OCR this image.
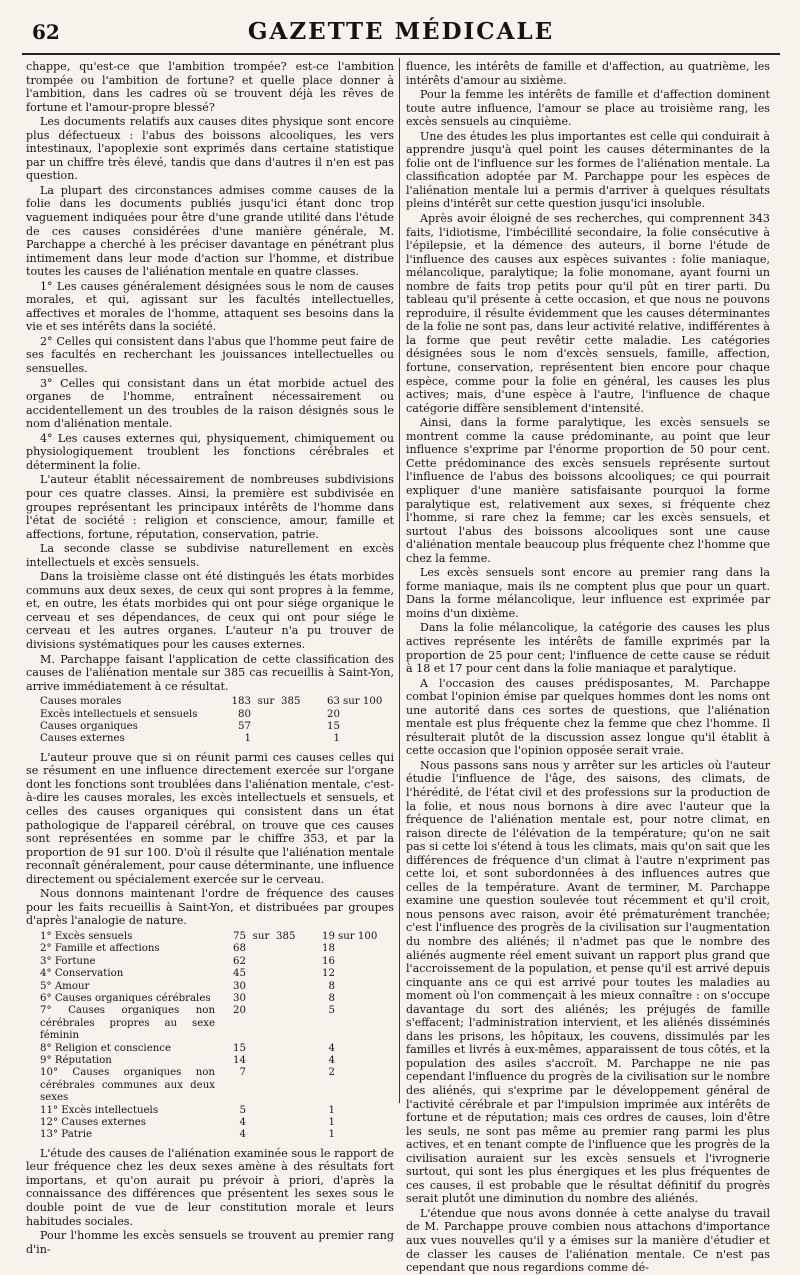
62	GAZETTE MÉDICALE

chappe, qu'est-ce que l'ambition trompée? est-ce l'ambition trompée ou l'ambition de fortune? et quelle place donner à l'ambition, dans les cadres où se trouvent déjà les rêves de fortune et l'amour-propre blessé?

Les documents relatifs aux causes dites physique sont encore plus défectueux : l'abus des boissons alcooliques, les vers intestinaux, l'apoplexie sont exprimés dans certaine statistique par un chiffre très élevé, tandis que dans d'autres il n'en est pas question.

La plupart des circonstances admises comme causes de la folie dans les documents publiés jusqu'ici étant donc trop vaguement indiquées pour être d'une grande utilité dans l'étude de ces causes considérées d'une manière générale, M. Parchappe a cherché à les préciser davantage en pénétrant plus intimement dans leur mode d'action sur l'homme, et distribue toutes les causes de l'aliénation mentale en quatre classes.

1° Les causes généralement désignées sous le nom de causes morales, et qui, agissant sur les facultés intellectuelles, affectives et morales de l'homme, attaquent ses besoins dans la vie et ses intérêts dans la société.

2° Celles qui consistent dans l'abus que l'homme peut faire de ses facultés en recherchant les jouissances intellectuelles ou sensuelles.

3° Celles qui consistant dans un état morbide actuel des organes de l'homme, entraînent nécessairement ou accidentellement un des troubles de la raison désignés sous le nom d'aliénation mentale.

4° Les causes externes qui, physiquement, chimiquement ou physiologiquement troublent les fonctions cérébrales et déterminent la folie.

L'auteur établit nécessairement de nombreuses subdivisions pour ces quatre classes. Ainsi, la première est subdivisée en groupes représentant les principaux intérêts de l'homme dans l'état de société : religion et conscience, amour, famille et affections, fortune, réputation, conservation, patrie.

La seconde classe se subdivise naturellement en excès intellectuels et excès sensuels.

Dans la troisième classe ont été distingués les états morbides communs aux deux sexes, de ceux qui sont propres à la femme, et, en outre, les états morbides qui ont pour siége organique le cerveau et ses dépendances, de ceux qui ont pour siége le cerveau et les autres organes. L'auteur n'a pu trouver de divisions systématiques pour les causes externes.

M. Parchappe faisant l'application de cette classification des causes de l'aliénation mentale sur 385 cas recueillis à Saint-Yon, arrive immédiatement à ce résultat.

Causes morales	183	sur	385	63	sur 100
Excès intellectuels et sensuels	80			20	
Causes organiques	57			15	
Causes externes	1			1	

L'auteur prouve que si on réunit parmi ces causes celles qui se résument en une influence directement exercée sur l'organe dont les fonctions sont troublées dans l'aliénation mentale, c'est-à-dire les causes morales, les excès intellectuels et sensuels, et celles des causes organiques qui consistent dans un état pathologique de l'appareil cérébral, on trouve que ces causes sont représentées en somme par le chiffre 353, et par la proportion de 91 sur 100. D'où il résulte que l'aliénation mentale reconnaît généralement, pour cause déterminante, une influence directement ou spécialement exercée sur le cerveau.

Nous donnons maintenant l'ordre de fréquence des causes pour les faits recueillis à Saint-Yon, et distribuées par groupes d'après l'analogie de nature.

1° Excès sensuels	75	sur	385	19	sur 100
2° Famille et affections	68			18	
3° Fortune	62			16	
4° Conservation	45			12	
5° Amour	30			8	
6° Causes organiques cérébrales	30			8	
7° Causes organiques non cérébrales propres au sexe féminin	20			5	
8° Religion et conscience	15			4	
9° Réputation	14			4	
10° Causes organiques non cérébrales communes aux deux sexes	7			2	
11° Excès intellectuels	5			1	
12° Causes externes	4			1	
13° Patrie	4			1	

L'étude des causes de l'aliénation examinée sous le rapport de leur fréquence chez les deux sexes amène à des résultats fort importans, et qu'on aurait pu prévoir à priori, d'après la connaissance des différences que présentent les sexes sous le double point de vue de leur constitution morale et leurs habitudes sociales.

Pour l'homme les excès sensuels se trouvent au premier rang d'in-

fluence, les intérêts de famille et d'affection, au quatrième, les intérêts d'amour au sixième.

Pour la femme les intérêts de famille et d'affection dominent toute autre influence, l'amour se place au troisième rang, les excès sensuels au cinquième.

Une des études les plus importantes est celle qui conduirait à apprendre jusqu'à quel point les causes déterminantes de la folie ont de l'influence sur les formes de l'aliénation mentale. La classification adoptée par M. Parchappe pour les espèces de l'aliénation mentale lui a permis d'arriver à quelques résultats pleins d'intérêt sur cette question jusqu'ici insoluble.

Après avoir éloigné de ses recherches, qui comprennent 343 faits, l'idiotisme, l'imbécillité secondaire, la folie consécutive à l'épilepsie, et la démence des auteurs, il borne l'étude de l'influence des causes aux espèces suivantes : folie maniaque, mélancolique, paralytique; la folie monomane, ayant fourni un nombre de faits trop petits pour qu'il pût en tirer parti. Du tableau qu'il présente à cette occasion, et que nous ne pouvons reproduire, il résulte évidemment que les causes déterminantes de la folie ne sont pas, dans leur activité relative, indifférentes à la forme que peut revêtir cette maladie. Les catégories désignées sous le nom d'excès sensuels, famille, affection, fortune, conservation, représentent bien encore pour chaque espèce, comme pour la folie en général, les causes les plus actives; mais, d'une espèce à l'autre, l'influence de chaque catégorie diffère sensiblement d'intensité.

Ainsi, dans la forme paralytique, les excès sensuels se montrent comme la cause prédominante, au point que leur influence s'exprime par l'énorme proportion de 50 pour cent. Cette prédominance des excès sensuels représente surtout l'influence de l'abus des boissons alcooliques; ce qui pourrait expliquer d'une manière satisfaisante pourquoi la forme paralytique est, relativement aux sexes, si fréquente chez l'homme, si rare chez la femme; car les excès sensuels, et surtout l'abus des boissons alcooliques sont une cause d'aliénation mentale beaucoup plus fréquente chez l'homme que chez la femme.

Les excès sensuels sont encore au premier rang dans la forme maniaque, mais ils ne comptent plus que pour un quart. Dans la forme mélancolique, leur influence est exprimée par moins d'un dixième.

Dans la folie mélancolique, la catégorie des causes les plus actives représente les intérêts de famille exprimés par la proportion de 25 pour cent; l'influence de cette cause se réduit à 18 et 17 pour cent dans la folie maniaque et paralytique.

A l'occasion des causes prédisposantes, M. Parchappe combat l'opinion émise par quelques hommes dont les noms ont une autorité dans ces sortes de questions, que l'aliénation mentale est plus fréquente chez la femme que chez l'homme. Il résulterait plutôt de la discussion assez longue qu'il établit à cette occasion que l'opinion opposée serait vraie.

Nous passons sans nous y arrêter sur les articles où l'auteur étudie l'influence de l'âge, des saisons, des climats, de l'hérédité, de l'état civil et des professions sur la production de la folie, et nous nous bornons à dire avec l'auteur que la fréquence de l'aliénation mentale est, pour notre climat, en raison directe de l'élévation de la température; qu'on ne sait pas si cette loi s'étend à tous les climats, mais qu'on sait que les différences de fréquence d'un climat à l'autre n'expriment pas cette loi, et sont subordonnées à des influences autres que celles de la température. Avant de terminer, M. Parchappe examine une question soulevée tout récemment et qu'il croit, nous pensons avec raison, avoir été prématurément tranchée; c'est l'influence des progrès de la civilisation sur l'augmentation du nombre des aliénés; il n'admet pas que le nombre des aliénés augmente réel ement suivant un rapport plus grand que l'accroissement de la population, et pense qu'il est arrivé depuis cinquante ans ce qui est arrivé pour toutes les maladies au moment où l'on commençait à les mieux connaître : on s'occupe davantage du sort des aliénés; les préjugés de famille s'effacent; l'administration intervient, et les aliénés disséminés dans les prisons, les hôpitaux, les couvens, dissimulés par les familles et livrés à eux-mêmes, apparaissent de tous côtés, et la population des asiles s'accroît. M. Parchappe ne nie pas cependant l'influence du progrès de la civilisation sur le nombre des aliénés, qui s'exprime par le développement général de l'activité cérébrale et par l'impulsion imprimée aux intérêts de fortune et de réputation; mais ces ordres de causes, loin d'être les seuls, ne sont pas même au premier rang parmi les plus actives, et en tenant compte de l'influence que les progrès de la civilisation auraient sur les excès sensuels et l'ivrognerie surtout, qui sont les plus énergiques et les plus fréquentes de ces causes, il est probable que le résultat définitif du progrès serait plutôt une diminution du nombre des aliénés.

L'étendue que nous avons donnée à cette analyse du travail de M. Parchappe prouve combien nous attachons d'importance aux vues nouvelles qu'il y a émises sur la manière d'étudier et de classer les causes de l'aliénation mentale. Ce n'est pas cependant que nous regardions comme dé-
